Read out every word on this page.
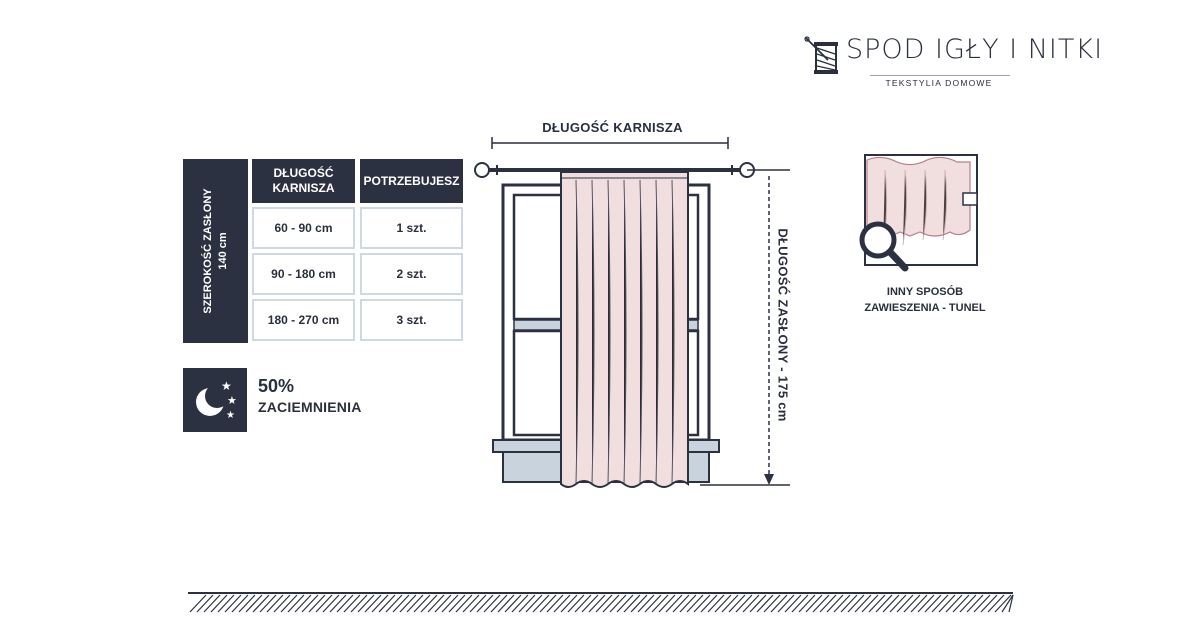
SPOD IGŁY I NITKI
TEKSTYLIA DOMOWE
SZEROKOŚĆ ZASŁONY 140 cm
DŁUGOŚĆ KARNISZA
POTRZEBUJESZ
60 - 90 cm	1 szt.
90 - 180 cm	2 szt.
180 - 270 cm	3 szt.
★
★
★
50%
ZACIEMNIENIA
DŁUGOŚĆ KARNISZA
DŁUGOŚĆ ZASŁONY - 175 cm	INNY SPOSÓB
ZAWIESZENIA - TUNEL
